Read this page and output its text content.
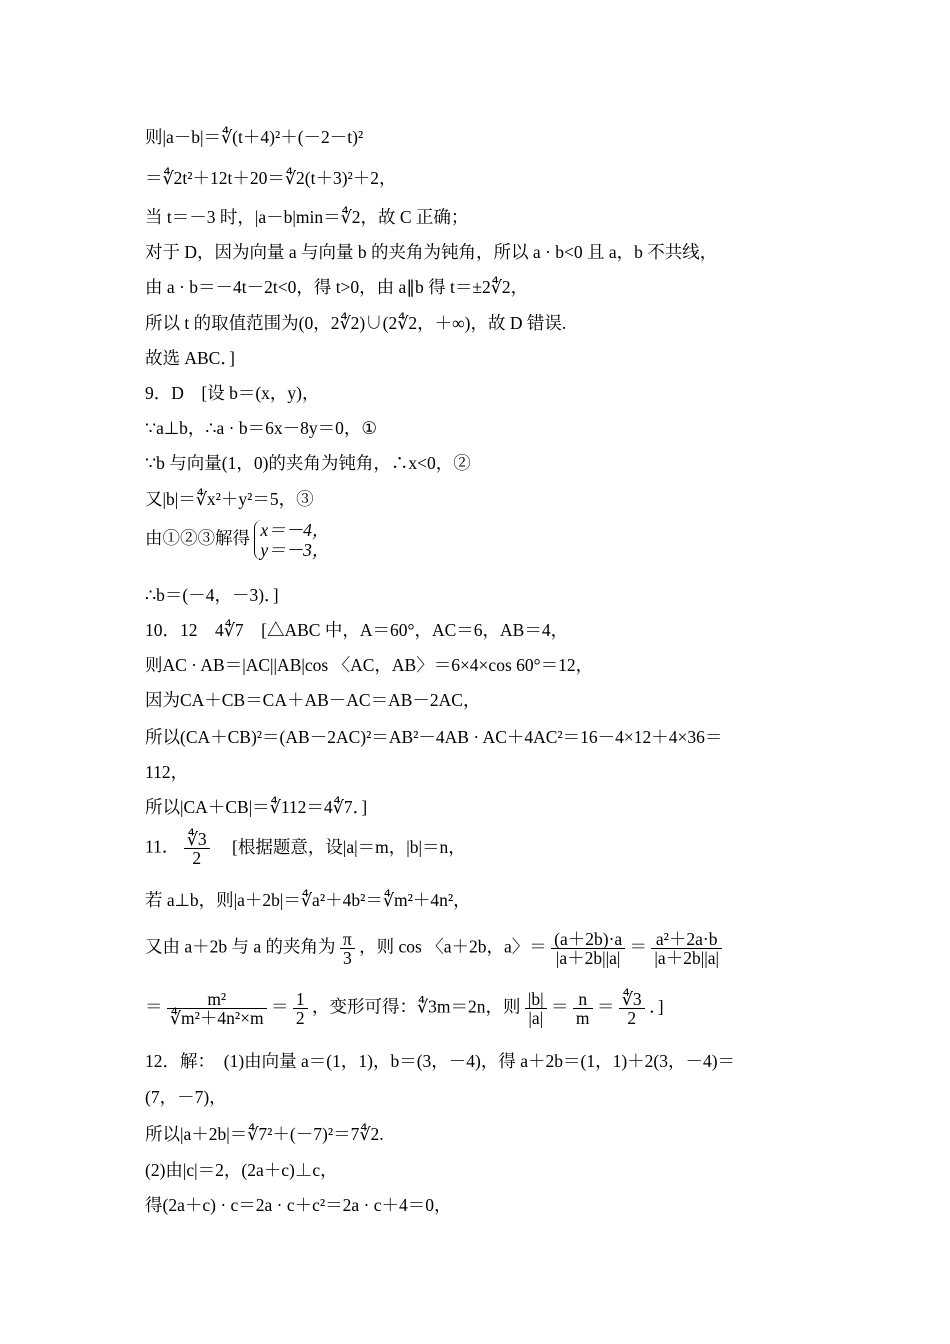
则|a－b|＝∜(t＋4)²＋(－2－t)²
＝∜2t²＋12t＋20＝∜2(t＋3)²＋2，
当 t＝－3 时，|a－b|min＝∜2，故 C 正确；
对于 D，因为向量 a 与向量 b 的夹角为钝角，所以 a · b<0 且 a，b 不共线，
由 a · b＝－4t－2t<0，得 t>0，由 a∥b 得 t＝±2∜2，
所以 t 的取值范围为(0，2∜2)∪(2∜2，＋∞)，故 D 错误.
故选 ABC．]
9．D　[设 b＝(x，y)，
∵a⊥b，∴a · b＝6x－8y＝0，①
∵b 与向量(1，0)的夹角为钝角，∴x<0，②
又|b|＝∜x²＋y²＝5，③
由①②③解得 x＝－4，
y＝－3，
∴b＝(－4，－3)．]
10．12　4∜7　[△ABC 中，A＝60°，AC＝6，AB＝4，
则AC · AB＝|AC||AB|cos 〈AC，AB〉＝6×4×cos 60°＝12，
因为CA＋CB＝CA＋AB－AC＝AB－2AC，
所以(CA＋CB)²＝(AB－2AC)²＝AB²－4AB · AC＋4AC²＝16－4×12＋4×36＝
112，
所以|CA＋CB|＝∜112＝4∜7．]
11． $\frac{∜3}{2}$ [根据题意，设|a|＝m，|b|＝n，
若 a⊥b，则|a＋2b|＝∜a²＋4b²＝∜m²＋4n²，
又由 a＋2b 与 a 的夹角为 $\frac{\pi}{3}$ ，则 cos 〈a＋2b，a〉＝ $\frac{(a+2b)\cdot a}{|a+2b||a|} = \frac{\text{a²＋2a·b}}{|a+2b||a|}$
＝ $\frac{\text{m²}}{\text{∜m²＋4n²×m}} = \frac{1}{2}$ ，变形可得：∜3m＝2n，则 $\frac{|b|}{|a|} = \frac{n}{m} = \frac{∜3}{2}$ ．]
12．解：　(1)由向量 a＝(1，1)，b＝(3，－4)，得 a＋2b＝(1，1)＋2(3，－4)＝
(7，－7)，
所以|a＋2b|＝∜7²＋(－7)²＝7∜2.
(2)由|c|＝2，(2a＋c)⊥c，
得(2a＋c) · c＝2a · c＋c²＝2a · c＋4＝0，
